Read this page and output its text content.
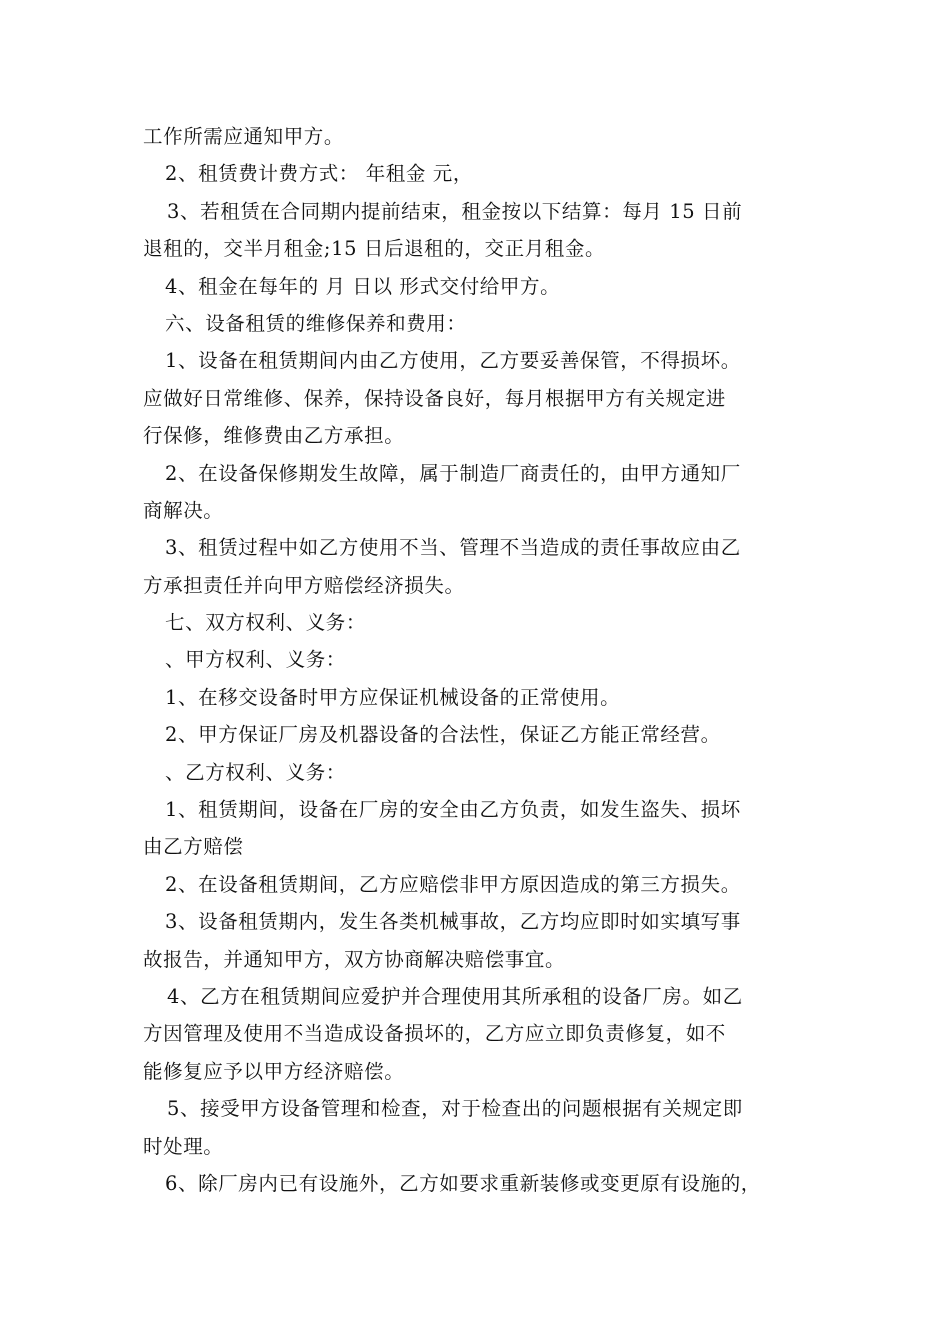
工作所需应通知甲方。
2、租赁费计费方式： 年租金 元，
3、若租赁在合同期内提前结束，租金按以下结算：每月 15 日前
退租的，交半月租金;15 日后退租的，交正月租金。
4、租金在每年的 月 日以 形式交付给甲方。
六、设备租赁的维修保养和费用：
1、设备在租赁期间内由乙方使用，乙方要妥善保管，不得损坏。
应做好日常维修、保养，保持设备良好，每月根据甲方有关规定进
行保修，维修费由乙方承担。
2、在设备保修期发生故障，属于制造厂商责任的，由甲方通知厂
商解决。
3、租赁过程中如乙方使用不当、管理不当造成的责任事故应由乙
方承担责任并向甲方赔偿经济损失。
七、双方权利、义务：
、甲方权利、义务：
1、在移交设备时甲方应保证机械设备的正常使用。
2、甲方保证厂房及机器设备的合法性，保证乙方能正常经营。
、乙方权利、义务：
1、租赁期间，设备在厂房的安全由乙方负责，如发生盗失、损坏
由乙方赔偿
2、在设备租赁期间，乙方应赔偿非甲方原因造成的第三方损失。
3、设备租赁期内，发生各类机械事故，乙方均应即时如实填写事
故报告，并通知甲方，双方协商解决赔偿事宜。
4、乙方在租赁期间应爱护并合理使用其所承租的设备厂房。如乙
方因管理及使用不当造成设备损坏的，乙方应立即负责修复，如不
能修复应予以甲方经济赔偿。
5、接受甲方设备管理和检查，对于检查出的问题根据有关规定即
时处理。
6、除厂房内已有设施外，乙方如要求重新装修或变更原有设施的，
